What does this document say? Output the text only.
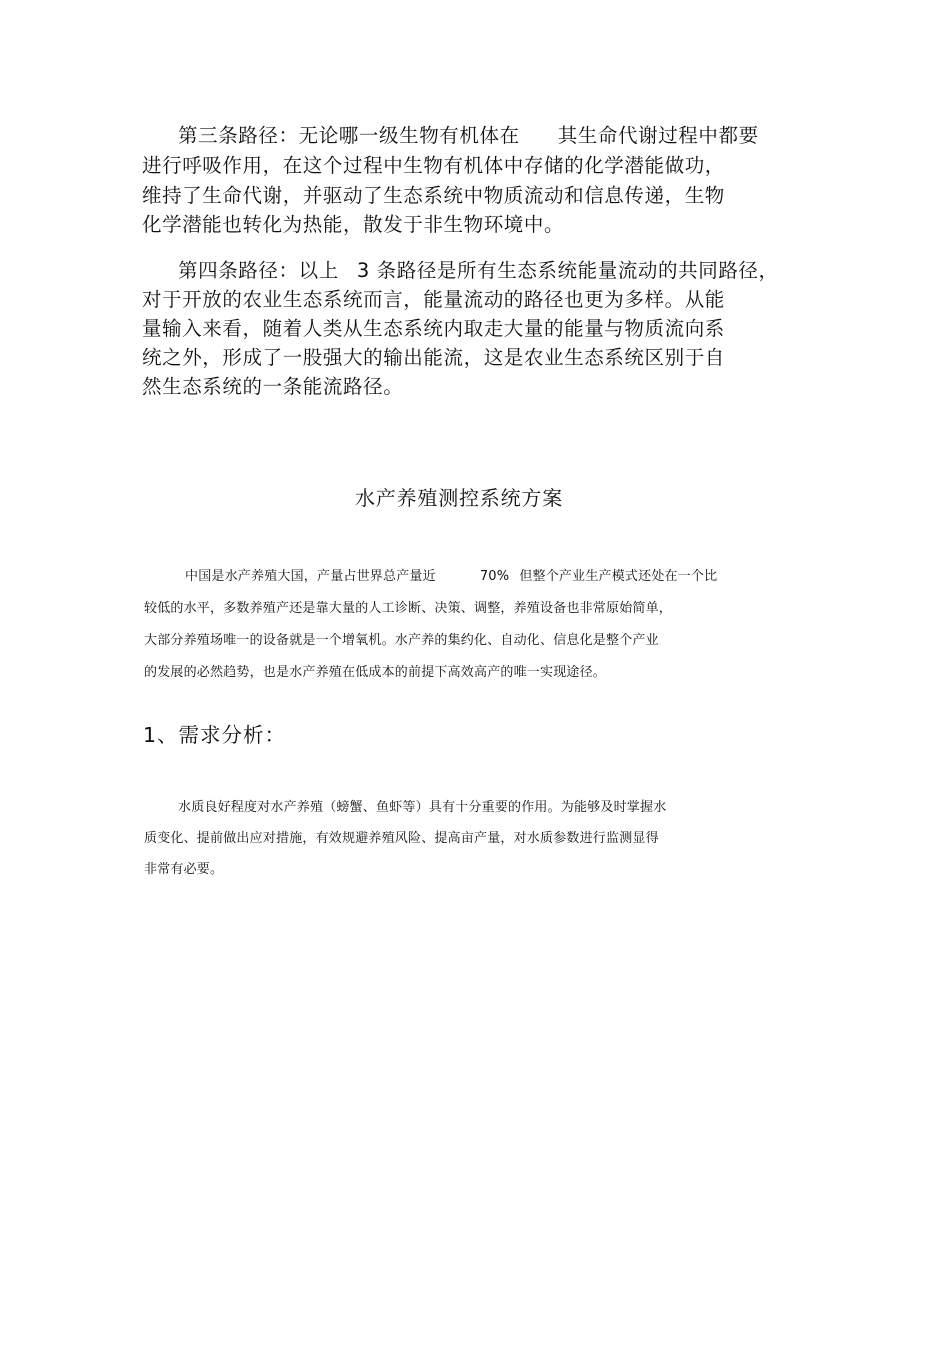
第三条路径：无论哪一级生物有机体在 其生命代谢过程中都要
进行呼吸作用，在这个过程中生物有机体中存储的化学潜能做功，
维持了生命代谢，并驱动了生态系统中物质流动和信息传递，生物
化学潜能也转化为热能，散发于非生物环境中。
第四条路径：以上 3 条路径是所有生态系统能量流动的共同路径，
对于开放的农业生态系统而言，能量流动的路径也更为多样。从能
量输入来看，随着人类从生态系统内取走大量的能量与物质流向系
统之外，形成了一股强大的输出能流，这是农业生态系统区别于自
然生态系统的一条能流路径。
水产养殖测控系统方案
中国是水产养殖大国，产量占世界总产量近	70% 但整个产业生产模式还处在一个比
较低的水平，多数养殖产还是靠大量的人工诊断、决策、调整，养殖设备也非常原始简单，
大部分养殖场唯一的设备就是一个增氧机。水产养的集约化、自动化、信息化是整个产业
的发展的必然趋势，也是水产养殖在低成本的前提下高效高产的唯一实现途径。
1、需求分析：
水质良好程度对水产养殖（螃蟹、鱼虾等）具有十分重要的作用。为能够及时掌握水
质变化、提前做出应对措施，有效规避养殖风险、提高亩产量，对水质参数进行监测显得
非常有必要。
